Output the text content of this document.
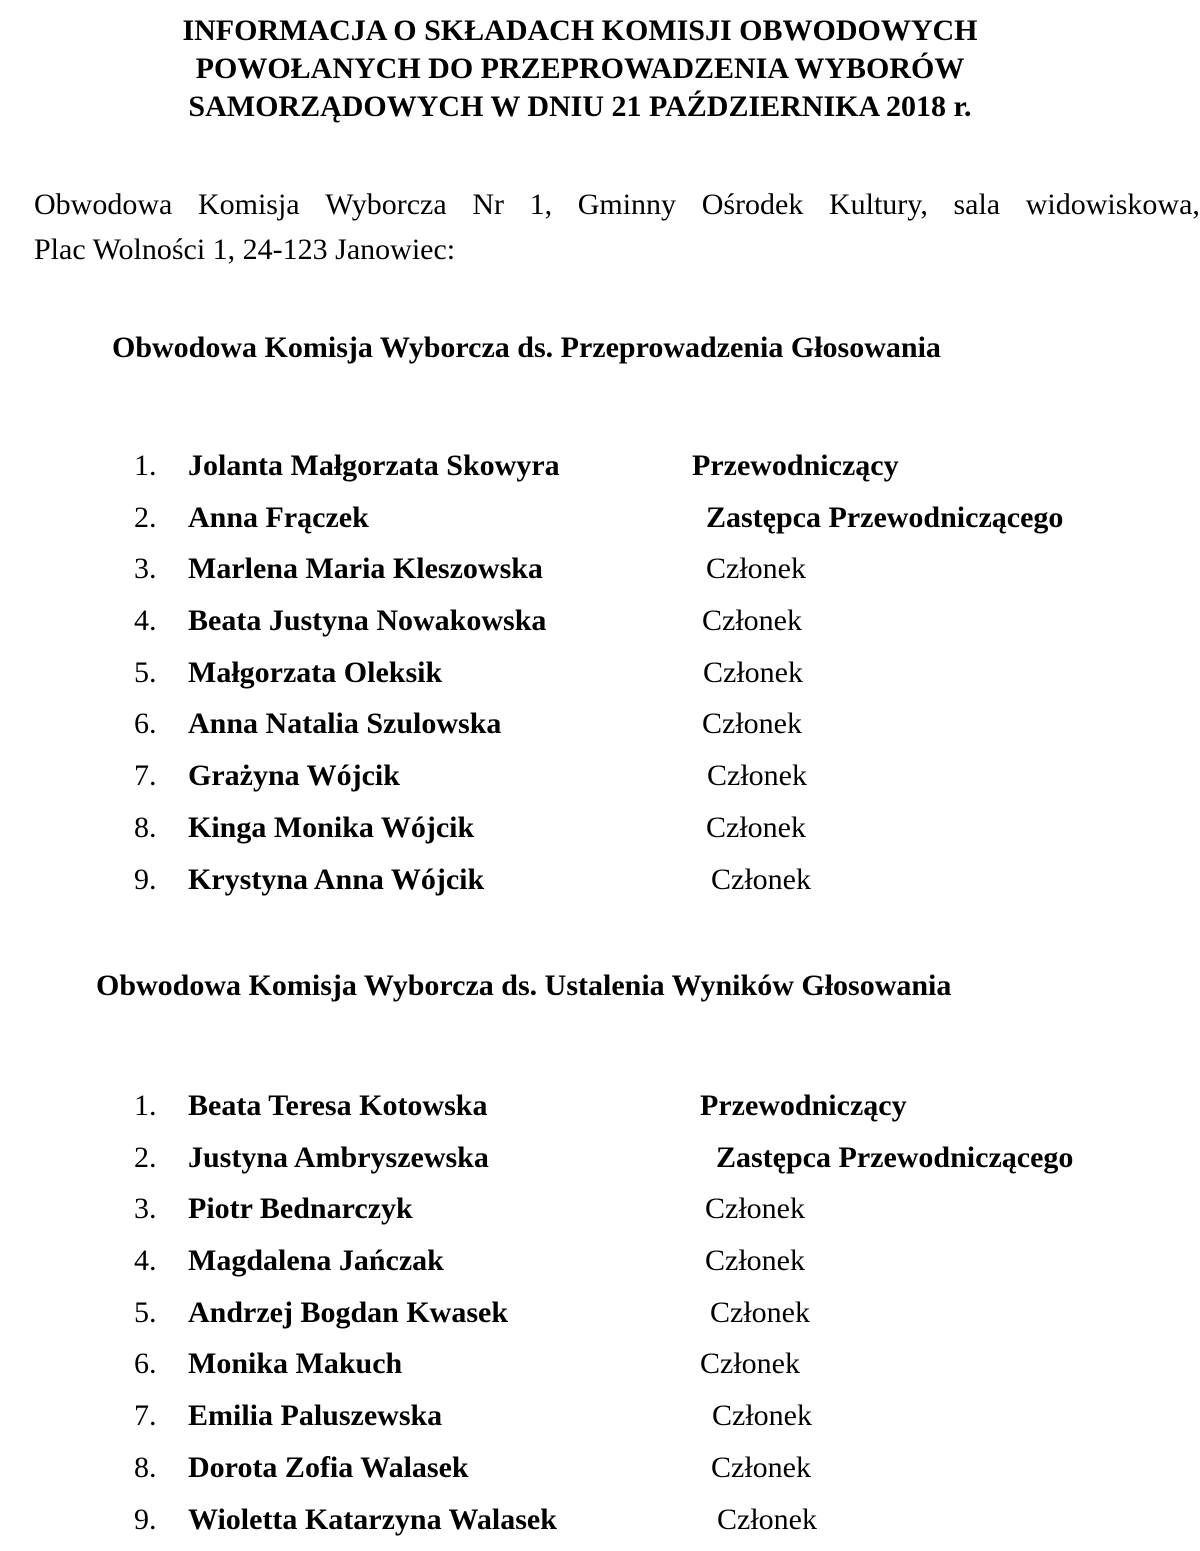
INFORMACJA O SKŁADACH KOMISJI OBWODOWYCH
POWOŁANYCH DO PRZEPROWADZENIA WYBORÓW
SAMORZĄDOWYCH W DNIU 21 PAŹDZIERNIKA 2018 r.
Obwodowa Komisja Wyborcza Nr 1, Gminny Ośrodek Kultury, sala widowiskowa,
Plac Wolności 1, 24-123 Janowiec:
Obwodowa Komisja Wyborcza ds. Przeprowadzenia Głosowania
1.	Jolanta Małgorzata Skowyra	Przewodniczący
2.	Anna Frączek	Zastępca Przewodniczącego
3.	Marlena Maria Kleszowska	Członek
4.	Beata Justyna Nowakowska	Członek
5.	Małgorzata Oleksik	Członek
6.	Anna Natalia Szulowska	Członek
7.	Grażyna Wójcik	Członek
8.	Kinga Monika Wójcik	Członek
9.	Krystyna Anna Wójcik	Członek
Obwodowa Komisja Wyborcza ds. Ustalenia Wyników Głosowania
1.	Beata Teresa Kotowska	Przewodniczący
2.	Justyna Ambryszewska	Zastępca Przewodniczącego
3.	Piotr Bednarczyk	Członek
4.	Magdalena Jańczak	Członek
5.	Andrzej Bogdan Kwasek	Członek
6.	Monika Makuch	Członek
7.	Emilia Paluszewska	Członek
8.	Dorota Zofia Walasek	Członek
9.	Wioletta Katarzyna Walasek	Członek
